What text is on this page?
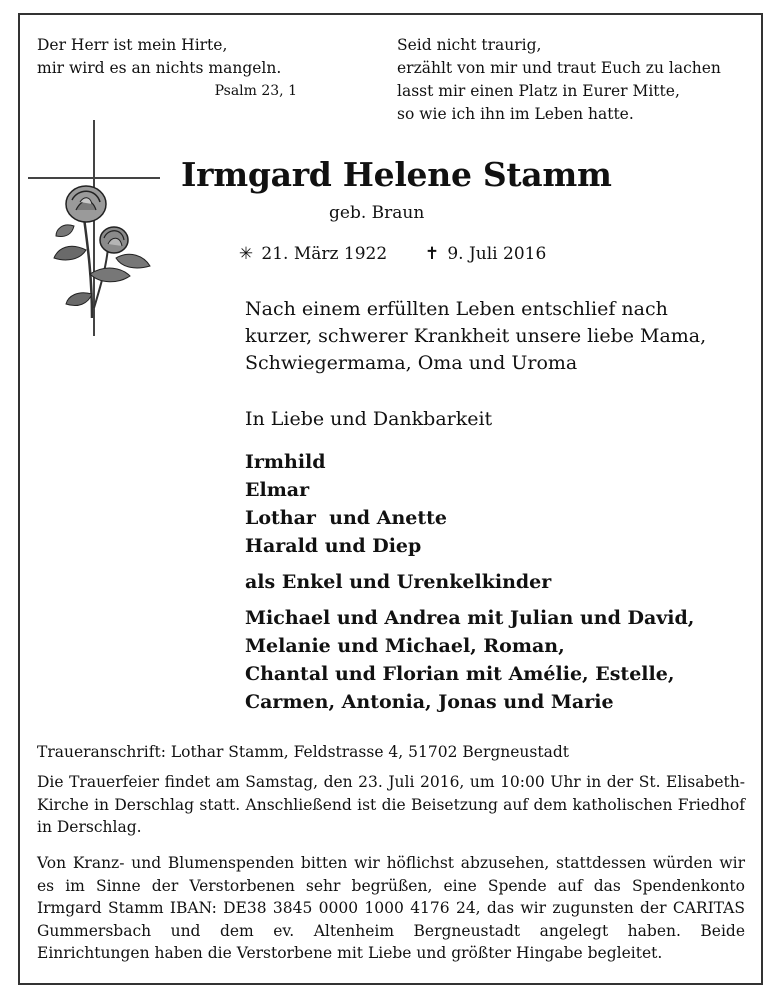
Der Herr ist mein Hirte,
mir wird es an nichts mangeln.
Psalm 23, 1
Seid nicht traurig,
erzählt von mir und traut Euch zu lachen
lasst mir einen Platz in Eurer Mitte,
so wie ich ihn im Leben hatte.
Irmgard Helene Stamm
geb. Braun
✳ 21. März 1922 ✝ 9. Juli 2016
Nach einem erfüllten Leben entschlief nach
kurzer, schwerer Krankheit unsere liebe Mama,
Schwiegermama, Oma und Uroma
In Liebe und Dankbarkeit
Irmhild
Elmar
Lothar  und Anette
Harald und Diep
als Enkel und Urenkelkinder
Michael und Andrea mit Julian und David,
Melanie und Michael, Roman,
Chantal und Florian mit Amélie, Estelle,
Carmen, Antonia, Jonas und Marie
Traueranschrift: Lothar Stamm, Feldstrasse 4, 51702 Bergneustadt
Die Trauerfeier findet am Samstag, den 23. Juli 2016, um 10:00 Uhr in der St. Elisabeth-Kirche in Derschlag statt. Anschließend ist die Beisetzung auf dem katholischen Friedhof in Derschlag.
Von Kranz- und Blumenspenden bitten wir höflichst abzusehen, stattdessen würden wir es im Sinne der Verstorbenen sehr begrüßen, eine Spende auf das Spendenkonto Irmgard Stamm IBAN: DE38 3845 0000 1000 4176 24, das wir zugunsten der CARITAS Gummersbach und dem ev. Altenheim Bergneustadt angelegt haben. Beide Einrichtungen haben die Verstorbene mit Liebe und größter Hingabe begleitet.
